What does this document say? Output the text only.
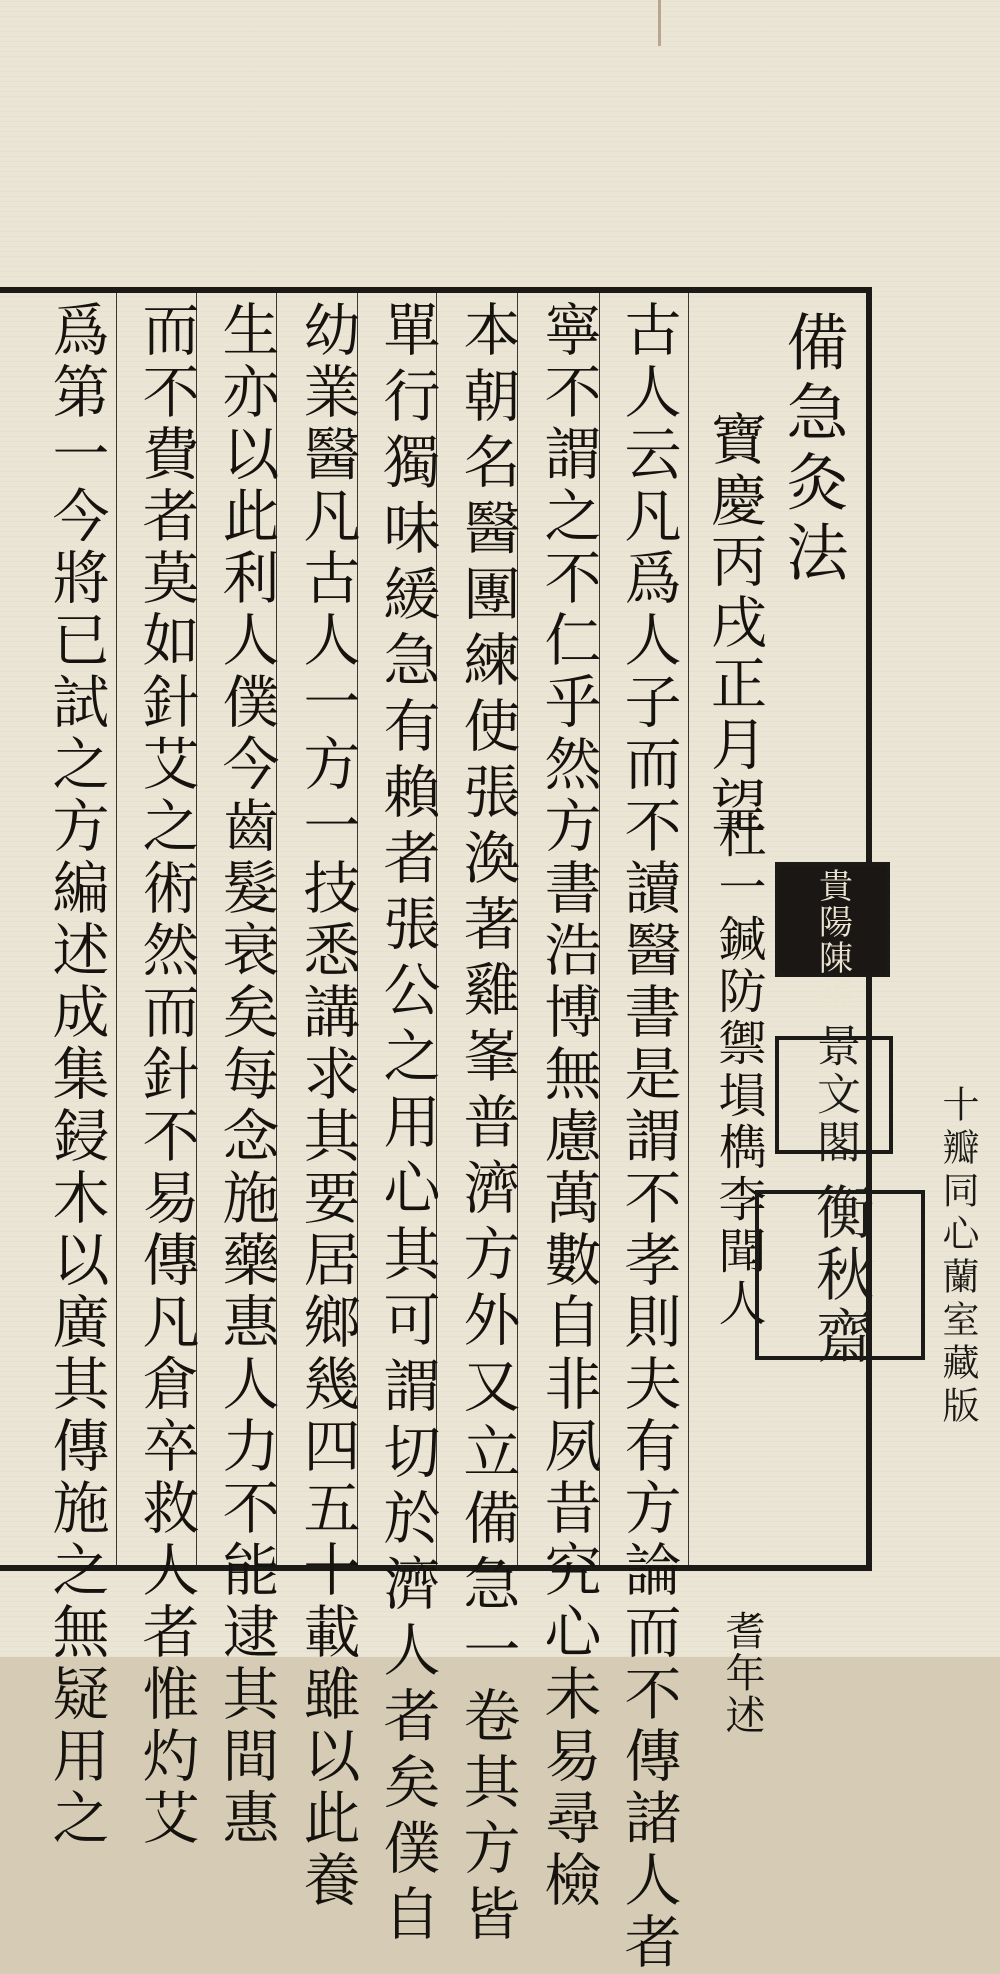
備急灸法
寶慶丙戌正月望
杜一鍼防禦塤檇李聞人
耆年述
古人云凡爲人子而不讀醫書是謂不孝則夫有方論而不傳諸人者
寧不謂之不仁乎然方書浩博無慮萬數自非夙昔究心未易尋檢
本朝名醫團練使張渙著雞峯普濟方外又立備急一卷其方皆
單行獨味緩急有賴者張公之用心其可謂切於濟人者矣僕自
幼業醫凡古人一方一技悉講求其要居鄉幾四五十載雖以此養
生亦以此利人僕今齒髮衰矣每念施藥惠人力不能逮其間惠
而不費者莫如針艾之術然而針不易傳凡倉卒救人者惟灼艾
爲第一今將已試之方編述成集鋟木以廣其傳施之無疑用之	貴陽陳榘
景文閣
衡秋齋 十瓣同心蘭室藏版
